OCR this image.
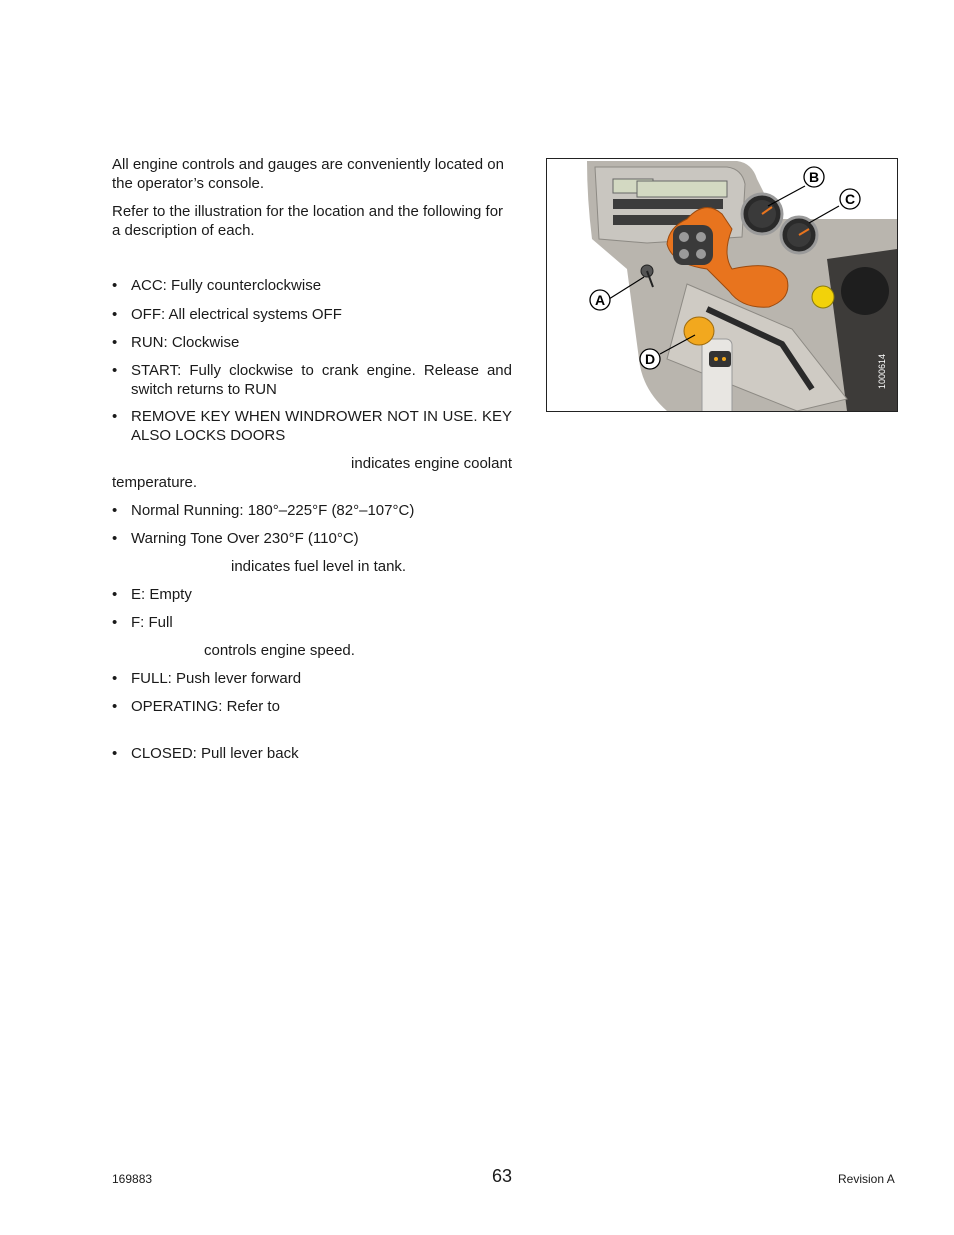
All engine controls and gauges are conveniently located on the operator’s console.

Refer to the illustration for the location and the following for a description of each.

• ACC: Fully counterclockwise
• OFF: All electrical systems OFF
• RUN: Clockwise
• START: Fully clockwise to crank engine. Release and switch returns to RUN
• REMOVE KEY WHEN WINDROWER NOT IN USE. KEY ALSO LOCKS DOORS
indicates engine coolant
temperature.
• Normal Running: 180°–225°F (82°–107°C)
• Warning Tone Over 230°F (110°C)
indicates fuel level in tank.
• E: Empty
• F: Full
controls engine speed.
• FULL: Push lever forward
• OPERATING: Refer to
• CLOSED: Pull lever back
A
B
C
D	1000614
169883	63	Revision A
